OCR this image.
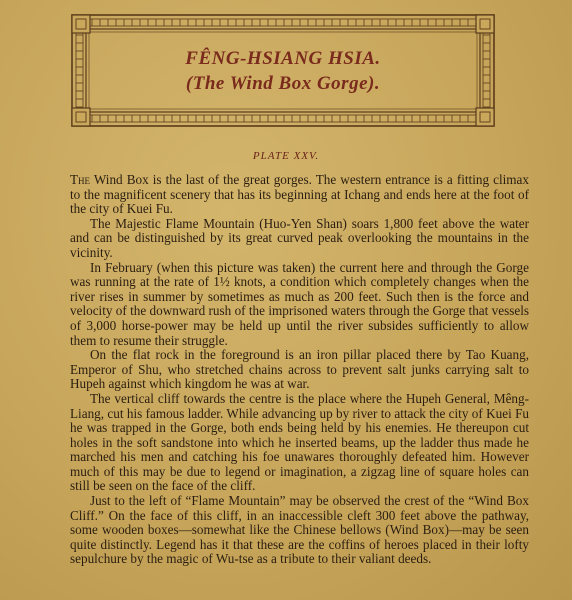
FÊNG-HSIANG HSIA.
(The Wind Box Gorge).
PLATE XXV.

The Wind Box is the last of the great gorges. The western entrance is a fitting climax to the magnificent scenery that has its beginning at Ichang and ends here at the foot of the city of Kuei Fu.

The Majestic Flame Mountain (Huo-Yen Shan) soars 1,800 feet above the water and can be distinguished by its great curved peak overlooking the mountains in the vicinity.

In February (when this picture was taken) the current here and through the Gorge was running at the rate of 1½ knots, a condition which completely changes when the river rises in summer by sometimes as much as 200 feet. Such then is the force and velocity of the downward rush of the imprisoned waters through the Gorge that vessels of 3,000 horse-power may be held up until the river subsides sufficiently to allow them to resume their struggle.

On the flat rock in the foreground is an iron pillar placed there by Tao Kuang, Emperor of Shu, who stretched chains across to prevent salt junks carrying salt to Hupeh against which kingdom he was at war.

The vertical cliff towards the centre is the place where the Hupeh General, Mêng-Liang, cut his famous ladder. While advancing up by river to attack the city of Kuei Fu he was trapped in the Gorge, both ends being held by his enemies. He thereupon cut holes in the soft sandstone into which he inserted beams, up the ladder thus made he marched his men and catching his foe unawares thoroughly defeated him. However much of this may be due to legend or imagination, a zigzag line of square holes can still be seen on the face of the cliff.

Just to the left of “Flame Mountain” may be observed the crest of the “Wind Box Cliff.” On the face of this cliff, in an inaccessible cleft 300 feet above the pathway, some wooden boxes—somewhat like the Chinese bellows (Wind Box)—may be seen quite distinctly. Legend has it that these are the coffins of heroes placed in their lofty sepulchure by the magic of Wu-tse as a tribute to their valiant deeds.
